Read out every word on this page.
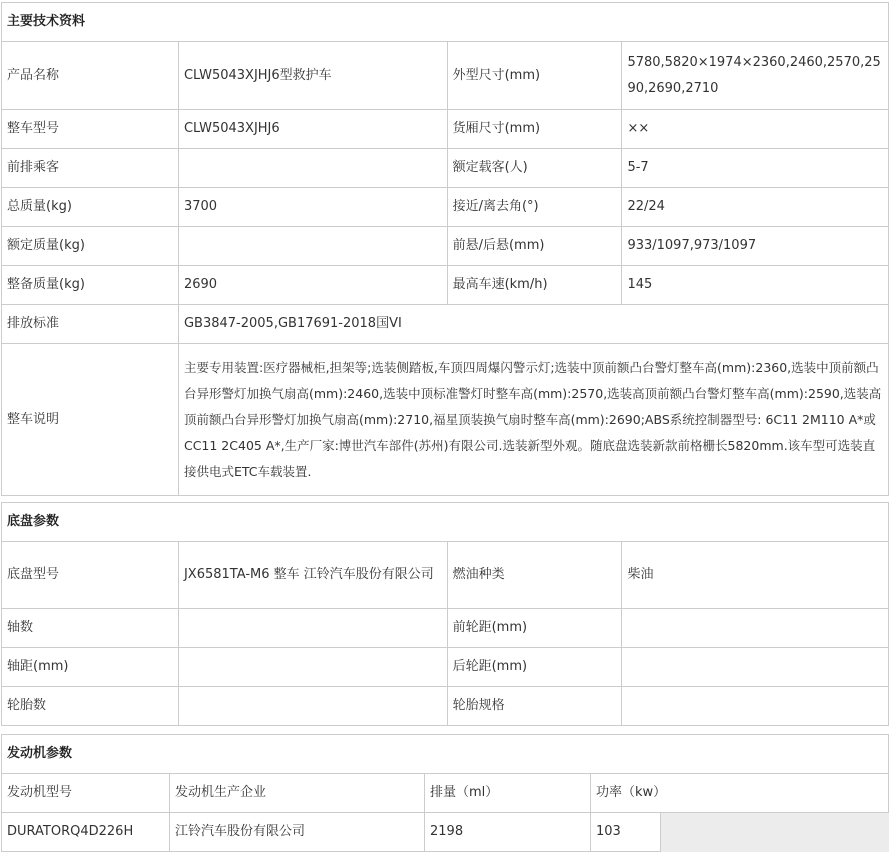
主要技术资料			
产品名称	CLW5043XJHJ6型救护车	外型尺寸(mm)	5780,5820×1974×2360,2460,2570,2590,2690,2710
整车型号	CLW5043XJHJ6	货厢尺寸(mm)	××
前排乘客		额定载客(人)	5-7
总质量(kg)	3700	接近/离去角(°)	22/24
额定质量(kg)		前悬/后悬(mm)	933/1097,973/1097
整备质量(kg)	2690	最高车速(km/h)	145
排放标准	GB3847-2005,GB17691-2018国VI		
整车说明	主要专用装置:医疗器械柜,担架等;选装侧踏板,车顶四周爆闪警示灯;选装中顶前额凸台警灯整车高(mm):2360,选装中顶前额凸台异形警灯加换气扇高(mm):2460,选装中顶标准警灯时整车高(mm):2570,选装高顶前额凸台警灯整车高(mm):2590,选装高顶前额凸台异形警灯加换气扇高(mm):2710,福星顶装换气扇时整车高(mm):2690;ABS系统控制器型号: 6C11 2M110 A*或CC11 2C405 A*,生产厂家:博世汽车部件(苏州)有限公司.选装新型外观。随底盘选装新款前格栅长5820mm.该车型可选装直接供电式ETC车载装置.		
底盘参数			
底盘型号	JX6581TA-M6 整车 江铃汽车股份有限公司	燃油种类	柴油
轴数		前轮距(mm)	
轴距(mm)		后轮距(mm)	
轮胎数		轮胎规格	
发动机参数				
发动机型号	发动机生产企业	排量（ml）	功率（kw）	
DURATORQ4D226H	江铃汽车股份有限公司	2198	103	
